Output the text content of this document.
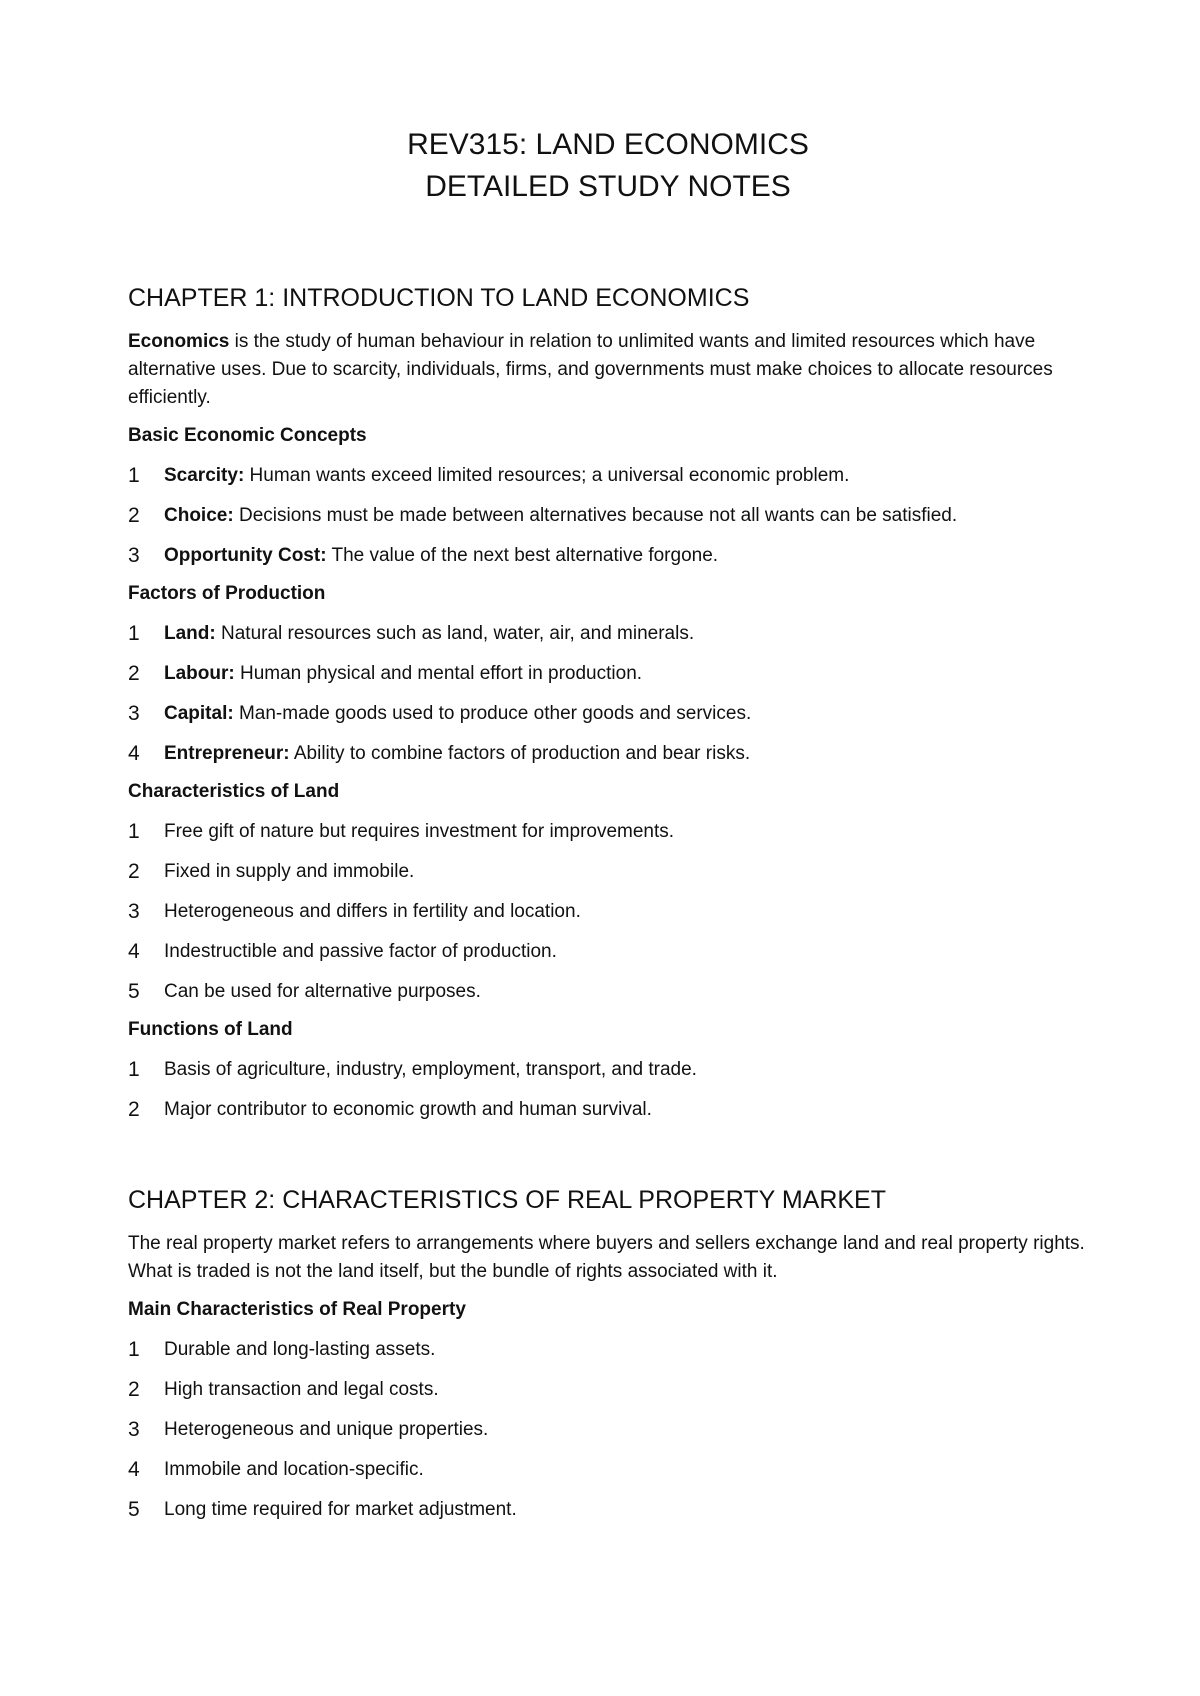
REV315: LAND ECONOMICS
DETAILED STUDY NOTES
CHAPTER 1: INTRODUCTION TO LAND ECONOMICS

Economics is the study of human behaviour in relation to unlimited wants and limited resources which have alternative uses. Due to scarcity, individuals, firms, and governments must make choices to allocate resources efficiently.

Basic Economic Concepts

1	Scarcity: Human wants exceed limited resources; a universal economic problem.
2	Choice: Decisions must be made between alternatives because not all wants can be satisfied.
3	Opportunity Cost: The value of the next best alternative forgone.

Factors of Production

1	Land: Natural resources such as land, water, air, and minerals.
2	Labour: Human physical and mental effort in production.
3	Capital: Man-made goods used to produce other goods and services.
4	Entrepreneur: Ability to combine factors of production and bear risks.

Characteristics of Land

1	Free gift of nature but requires investment for improvements.
2	Fixed in supply and immobile.
3	Heterogeneous and differs in fertility and location.
4	Indestructible and passive factor of production.
5	Can be used for alternative purposes.

Functions of Land

1	Basis of agriculture, industry, employment, transport, and trade.
2	Major contributor to economic growth and human survival.
CHAPTER 2: CHARACTERISTICS OF REAL PROPERTY MARKET

The real property market refers to arrangements where buyers and sellers exchange land and real property rights. What is traded is not the land itself, but the bundle of rights associated with it.

Main Characteristics of Real Property

1	Durable and long-lasting assets.
2	High transaction and legal costs.
3	Heterogeneous and unique properties.
4	Immobile and location-specific.
5	Long time required for market adjustment.
